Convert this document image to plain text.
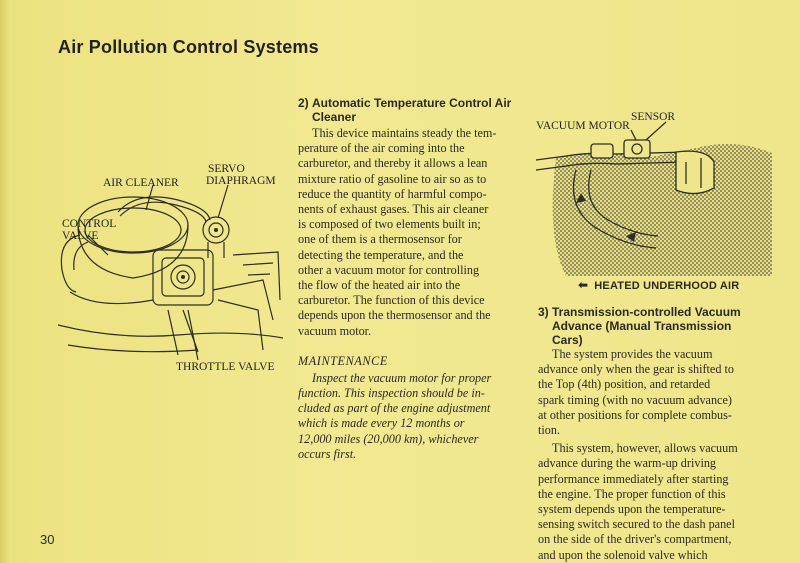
Air Pollution Control Systems
SERVO
DIAPHRAGM
AIR CLEANER
CONTROL
VALVE
THROTTLE VALVE
2) Automatic Temperature Control Air
Cleaner

This device maintains steady the tem-

perature of the air coming into the

carburetor, and thereby it allows a lean

mixture ratio of gasoline to air so as to

reduce the quantity of harmful compo-

nents of exhaust gases. This air cleaner

is composed of two elements built in;

one of them is a thermosensor for

detecting the temperature, and the

other a vacuum motor for controlling

the flow of the heated air into the

carburetor. The function of this device

depends upon the thermosensor and the

vacuum motor.

MAINTENANCE

Inspect the vacuum motor for proper

function. This inspection should be in-

cluded as part of the engine adjustment

which is made every 12 months or

12,000 miles (20,000 km), whichever

occurs first.

VACUUM MOTOR
SENSOR
⬅ HEATED UNDERHOOD AIR
3) Transmission-controlled Vacuum
Advance (Manual Transmission Cars)

The system provides the vacuum

advance only when the gear is shifted to

the Top (4th) position, and retarded

spark timing (with no vacuum advance)

at other positions for complete combus-

tion.

This system, however, allows vacuum

advance during the warm-up driving

performance immediately after starting

the engine. The proper function of this

system depends upon the temperature-

sensing switch secured to the dash panel

on the side of the driver's compartment,

and upon the solenoid valve which

30
